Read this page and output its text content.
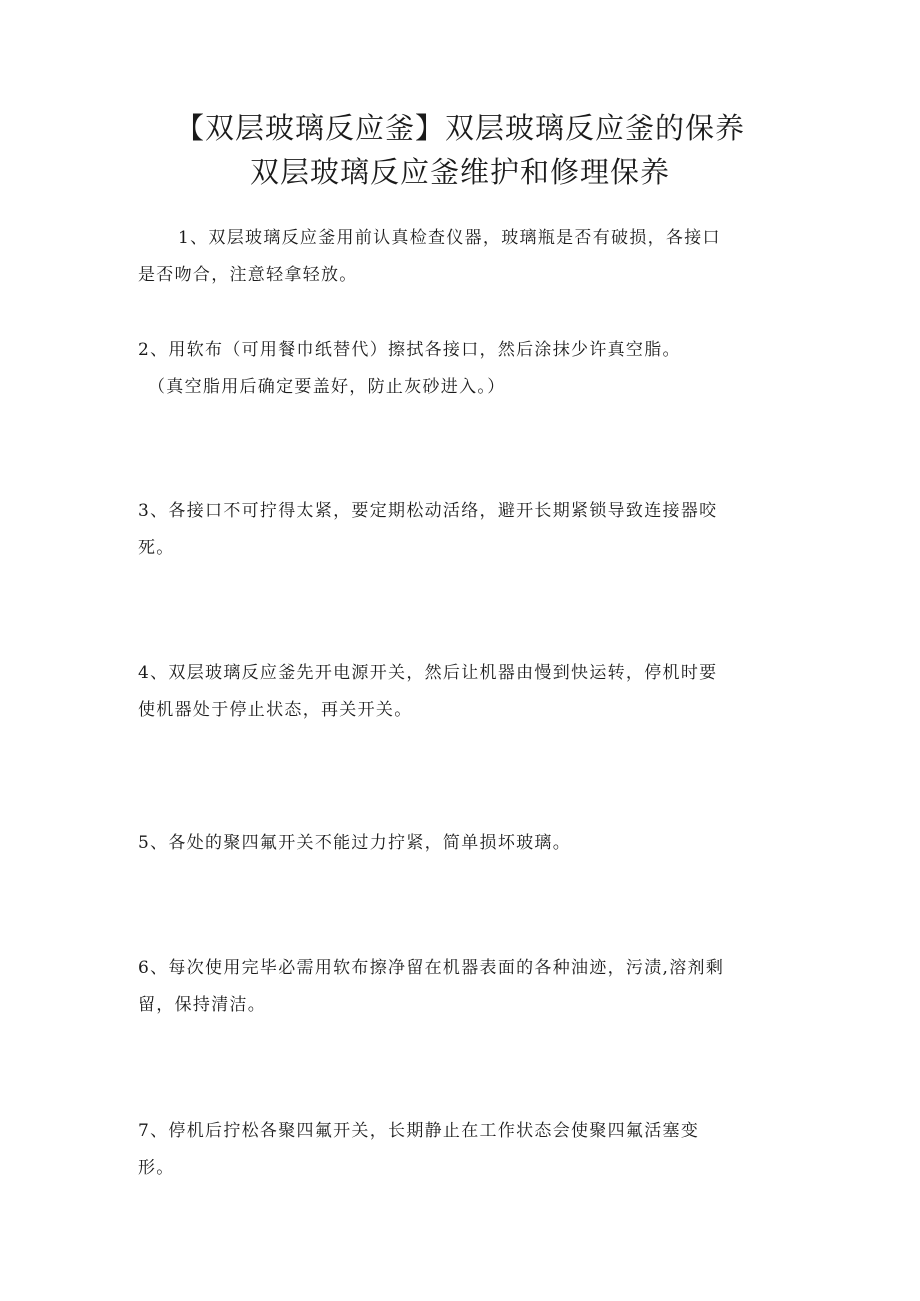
【双层玻璃反应釜】双层玻璃反应釜的保养
双层玻璃反应釜维护和修理保养
1、双层玻璃反应釜用前认真检查仪器，玻璃瓶是否有破损，各接口
是否吻合，注意轻拿轻放。
2、用软布（可用餐巾纸替代）擦拭各接口，然后涂抹少许真空脂。
（真空脂用后确定要盖好，防止灰砂进入。）
3、各接口不可拧得太紧，要定期松动活络，避开长期紧锁导致连接器咬
死。
4、双层玻璃反应釜先开电源开关，然后让机器由慢到快运转，停机时要
使机器处于停止状态，再关开关。
5、各处的聚四氟开关不能过力拧紧，简单损坏玻璃。
6、每次使用完毕必需用软布擦净留在机器表面的各种油迹，污渍,溶剂剩
留，保持清洁。
7、停机后拧松各聚四氟开关，长期静止在工作状态会使聚四氟活塞变
形。
